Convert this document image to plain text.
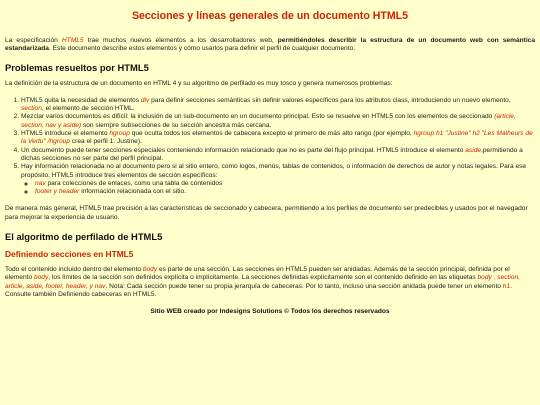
Secciones y líneas generales de un documento HTML5

La especificación HTML5 trae muchos nuevos elementos a los desarrolladores web, permitiéndoles describir la estructura de un documento web con semántica estandarizada. Este documento describe estos elementos y cómo usarlos para definir el perfil de cualquier documento.

Problemas resueltos por HTML5

La definición de la estructura de un documento en HTML 4 y su algoritmo de perfilado es muy tosco y genera numerosos problemas:

1. HTML5 quita la necesidad de elementos div para definir secciones semánticas sin definir valores específicos para los atributos class, introduciendo un nuevo elemento, section, el elemento de sección HTML.
2. Mezclar varios documentos es difícil: la inclusión de un sub-documento en un documento principal. Esto se resuelve en HTML5 con los elementos de seccionado (article, section, nav y aside) son siempre subsecciones de su sección ancestra más cercana.
3. HTML5 introduce el elemento hgroup que oculta todos los elementos de cabecera excepto el primero de más alto rango (por ejemplo, hgroup h1 "Justine" h2 "Les Malheurs de la Vertu" /hgroup crea el perfil 1. Justine).
4. Un documento puede tener secciones especiales conteniendo información relacionado que no es parte del flujo principal. HTML5 introduce el elemento aside,permitiendo a dichas secciones no ser parte del perfil principal.
5. Hay información relacionada no al documento pero si al sitio entero, como logos, menús, tablas de contenidos, o información de derechos de autor y notas legales. Para ese propósito, HTML5 introduce tres elementos de sección específicos:
◦ nav para colecciones de enlaces, como una tabla de contenidos
◦ footer y header información relacionada con el sitio.

De manera más general, HTML5 trae precisión a las características de seccionado y cabecera, permitiendo a los perfiles de documento ser predecibles y usados por el navegador para mejorar la experiencia de usuario.

El algoritmo de perfilado de HTML5
Definiendo secciones en HTML5

Todo el contenido incluido dentro del elemento body es parte de una sección. Las secciones en HTML5 pueden ser anidadas. Además de la sección principal, definida por el elemento body, los límites de la sección son definidos explícita o implícitamente. La secciones definidas explícitamente son el contenido definido en las etiquetas body , section, article, aside, footer, header, y nav. Nota: Cada sección puede tener su propia jerarquía de cabeceras. Por lo tanto, incluso una sección anidada puede tener un elemento h1. Consulte también Definiendo cabeceras en HTML5.

Sitio WEB creado por Indesigns Solutions © Todos los derechos reservados
